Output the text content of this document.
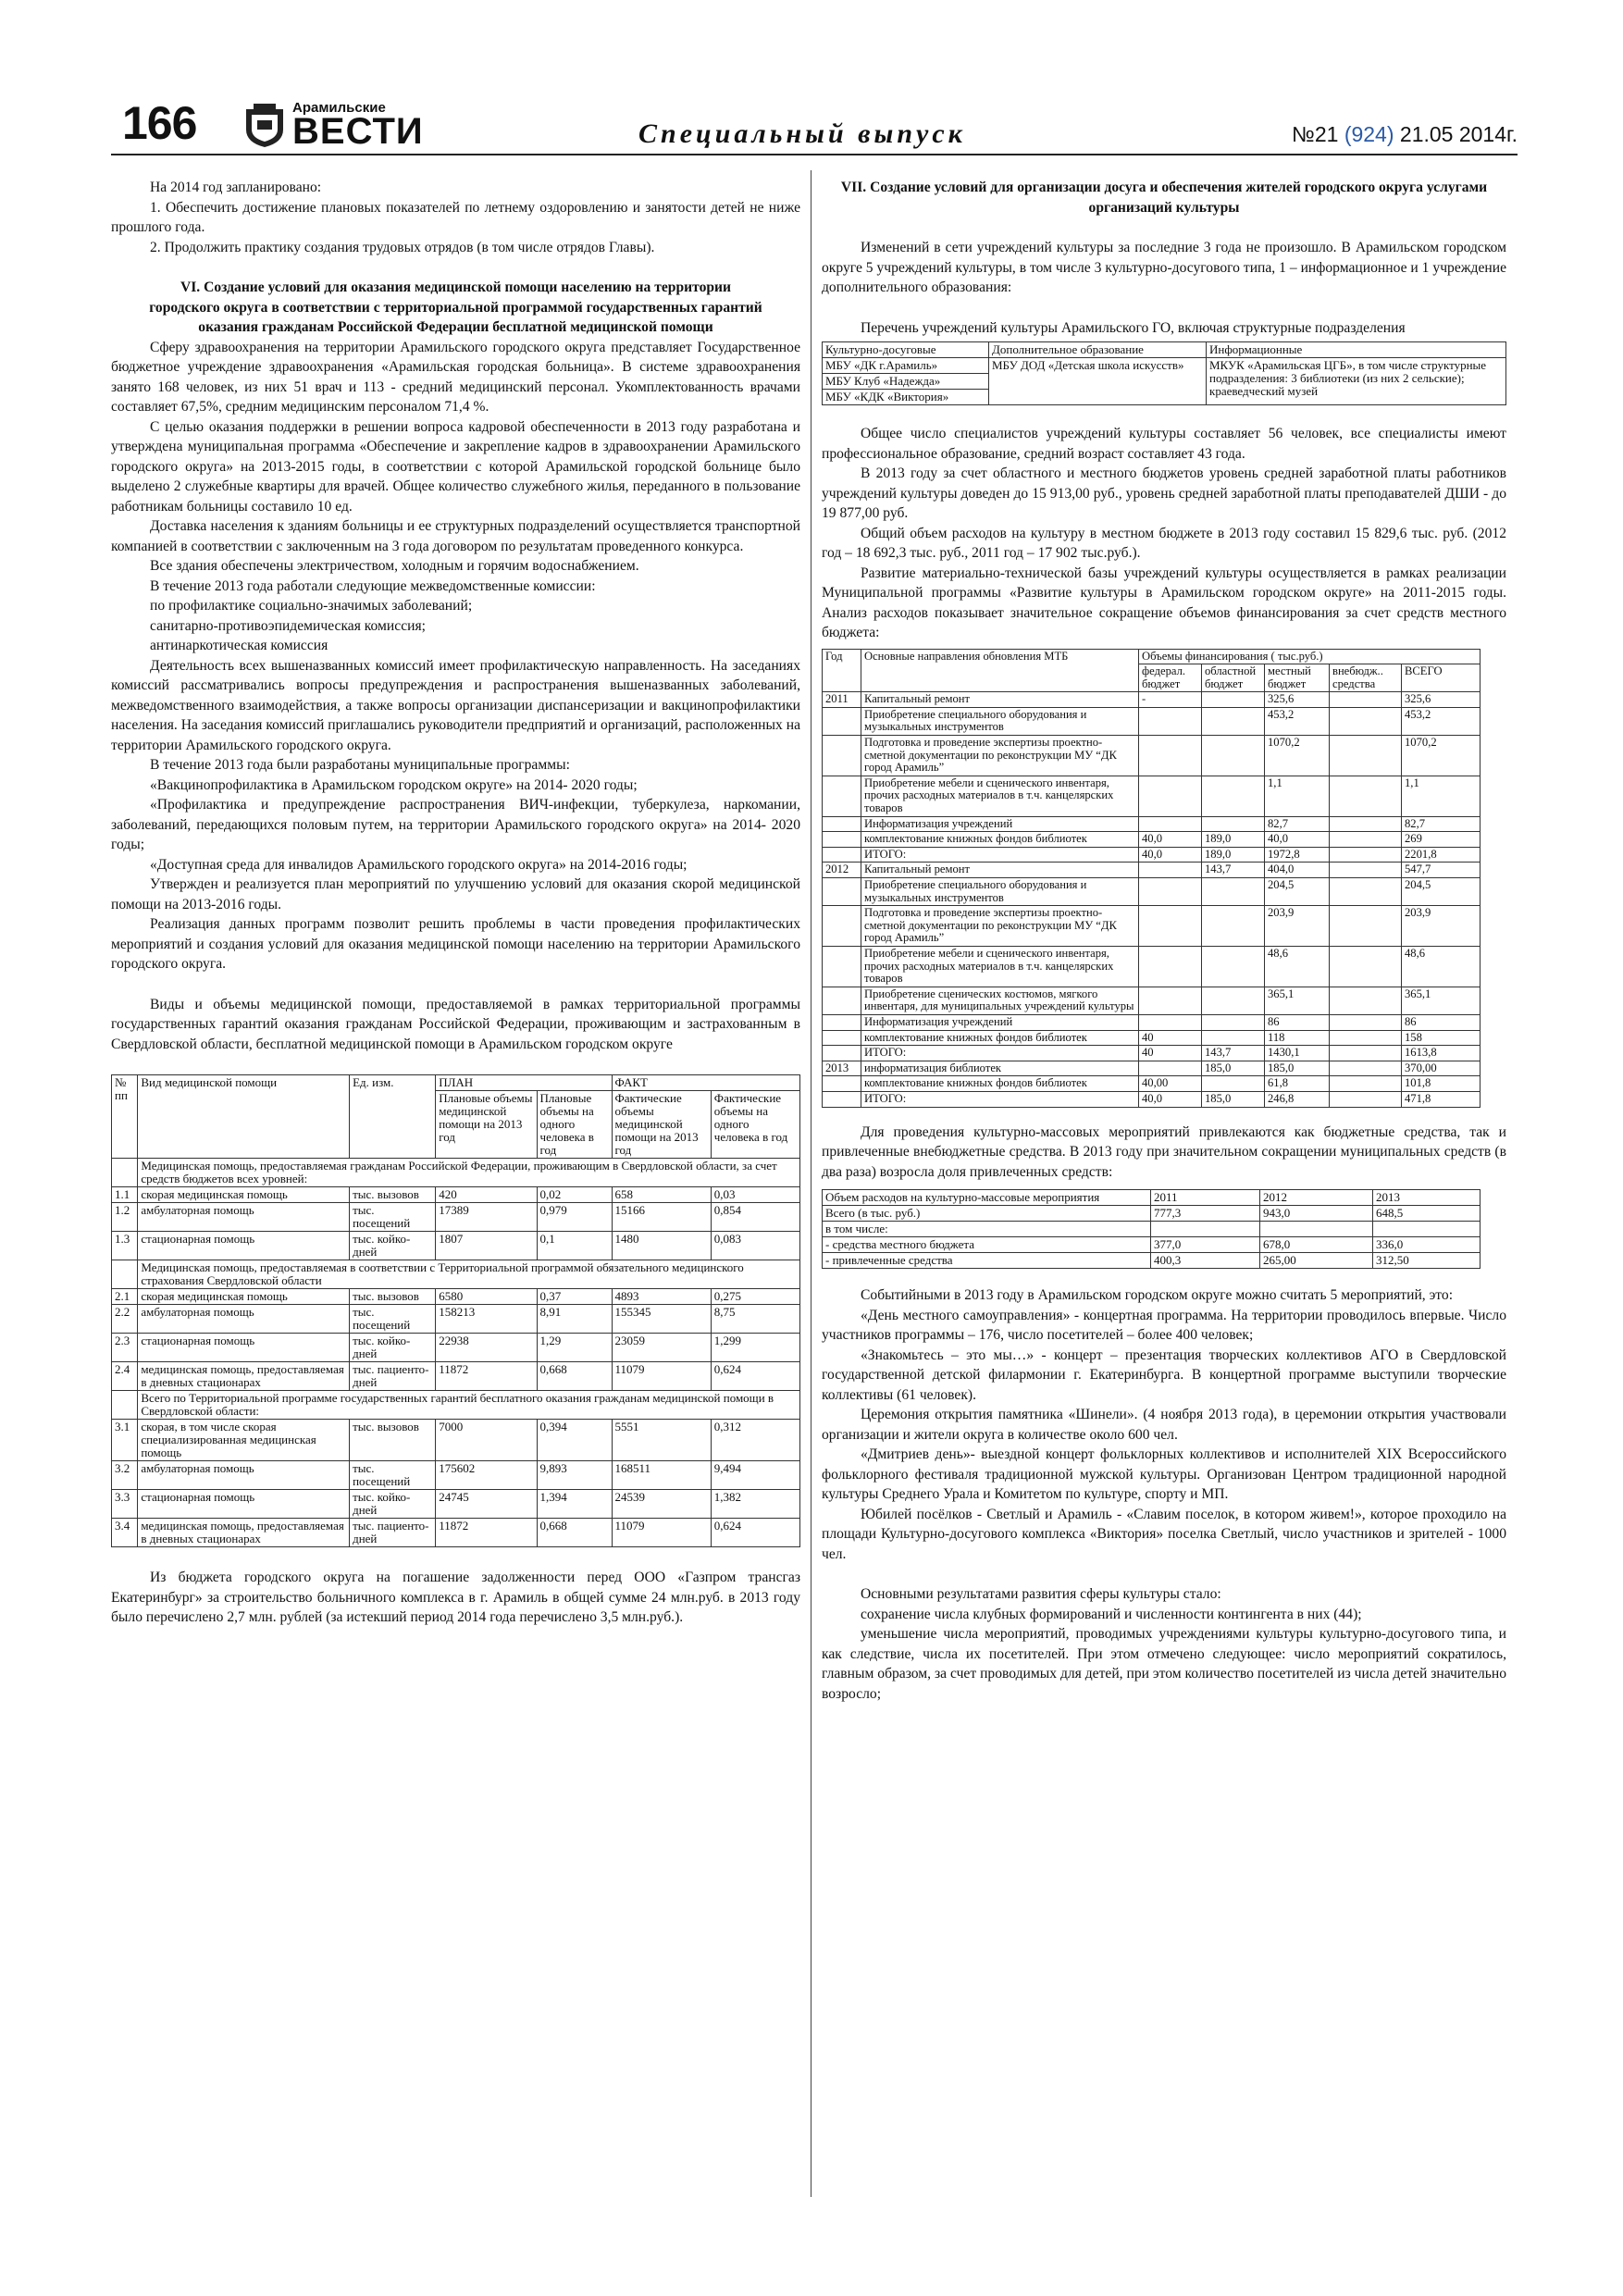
166	Арамильские
ВЕСТИ	Специальный выпуск	№21 (924) 21.05 2014г.

На 2014 год запланировано:

1. Обеспечить достижение плановых показателей по летнему оздоровлению и занятости детей не ниже прошлого года.

2. Продолжить практику создания трудовых отрядов (в том числе отрядов Главы).

VI. Создание условий для оказания медицинской помощи населению на территории городского округа в соответствии с территориальной программой государственных гарантий оказания гражданам Российской Федерации бесплатной медицинской помощи

Сферу здравоохранения на территории Арамильского городского округа представляет Государственное бюджетное учреждение здравоохранения «Арамильская городская больница». В системе здравоохранения занято 168 человек, из них 51 врач и 113 - средний медицинский персонал. Укомплектованность врачами составляет 67,5%, средним медицинским персоналом 71,4 %.

С целью оказания поддержки в решении вопроса кадровой обеспеченности в 2013 году разработана и утверждена муниципальная программа «Обеспечение и закрепление кадров в здравоохранении Арамильского городского округа» на 2013-2015 годы, в соответствии с которой Арамильской городской больнице было выделено 2 служебные квартиры для врачей. Общее количество служебного жилья, переданного в пользование работникам больницы составило 10 ед.

Доставка населения к зданиям больницы и ее структурных подразделений осуществляется транспортной компанией в соответствии с заключенным на 3 года договором по результатам проведенного конкурса.

Все здания обеспечены электричеством, холодным и горячим водоснабжением.

В течение 2013 года работали следующие межведомственные комиссии:

по профилактике социально-значимых заболеваний;

санитарно-противоэпидемическая комиссия;

антинаркотическая комиссия

Деятельность всех вышеназванных комиссий имеет профилактическую направленность. На заседаниях комиссий рассматривались вопросы предупреждения и распространения вышеназванных заболеваний, межведомственного взаимодействия, а также вопросы организации диспансеризации и вакцинопрофилактики населения. На заседания комиссий приглашались руководители предприятий и организаций, расположенных на территории Арамильского городского округа.

В течение 2013 года были разработаны муниципальные программы:

«Вакцинопрофилактика в Арамильском городском округе» на 2014- 2020 годы;

«Профилактика и предупреждение распространения ВИЧ-инфекции, туберкулеза, наркомании, заболеваний, передающихся половым путем, на территории Арамильского городского округа» на 2014- 2020 годы;

«Доступная среда для инвалидов Арамильского городского округа» на 2014-2016 годы;

Утвержден и реализуется план мероприятий по улучшению условий для оказания скорой медицинской помощи на 2013-2016 годы.

Реализация данных программ позволит решить проблемы в части проведения профилактических мероприятий и создания условий для оказания медицинской помощи населению на территории Арамильского городского округа.

Виды и объемы медицинской помощи, предоставляемой в рамках территориальной программы государственных гарантий оказания гражданам Российской Федерации, проживающим и застрахованным в Свердловской области, бесплатной медицинской помощи в Арамильском городском округе

№ пп	Вид медицинской помощи	Ед. изм.	ПЛАН		ФАКТ	
			Плановые объемы медицинской помощи на 2013 год	Плановые объемы на одного человека в год	Фактические объемы медицинской помощи на 2013 год	Фактические объемы на одного человека в год
	Медицинская помощь, предоставляемая гражданам Российской Федерации, проживающим в Свердловской области, за счет средств бюджетов всех уровней:					
1.1	скорая медицинская помощь	тыс. вызовов	420	0,02	658	0,03
1.2	амбулаторная помощь	тыс. посещений	17389	0,979	15166	0,854
1.3	стационарная помощь	тыс. койко-дней	1807	0,1	1480	0,083
	Медицинская помощь, предоставляемая в соответствии с Территориальной программой обязательного медицинского страхования Свердловской области					
2.1	скорая медицинская помощь	тыс. вызовов	6580	0,37	4893	0,275
2.2	амбулаторная помощь	тыс. посещений	158213	8,91	155345	8,75
2.3	стационарная помощь	тыс. койко-дней	22938	1,29	23059	1,299
2.4	медицинская помощь, предоставляемая в дневных стационарах	тыс. пациенто-дней	11872	0,668	11079	0,624
	Всего по Территориальной программе государственных гарантий бесплатного оказания гражданам медицинской помощи в Свердловской области:					
3.1	скорая, в том числе скорая специализированная медицинская помощь	тыс. вызовов	7000	0,394	5551	0,312
3.2	амбулаторная помощь	тыс. посещений	175602	9,893	168511	9,494
3.3	стационарная помощь	тыс. койко-дней	24745	1,394	24539	1,382
3.4	медицинская помощь, предоставляемая в дневных стационарах	тыс. пациенто-дней	11872	0,668	11079	0,624

Из бюджета городского округа на погашение задолженности перед ООО «Газпром трансгаз Екатеринбург» за строительство больничного комплекса в г. Арамиль в общей сумме 24 млн.руб. в 2013 году было перечислено 2,7 млн. рублей (за истекший период 2014 года перечислено 3,5 млн.руб.).

VII. Создание условий для организации досуга и обеспечения жителей городского округа услугами организаций культуры

Изменений в сети учреждений культуры за последние 3 года не произошло. В Арамильском городском округе 5 учреждений культуры, в том числе 3 культурно-досугового типа, 1 – информационное и 1 учреждение дополнительного образования:

Перечень учреждений культуры Арамильского ГО, включая структурные подразделения

Культурно-досуговые	Дополнительное образование	Информационные
МБУ «ДК г.Арамиль»	МБУ ДОД «Детская школа искусств»	МКУК «Арамильская ЦГБ», в том числе структурные подразделения: 3 библиотеки (из них 2 сельские); краеведческий музей
МБУ Клуб «Надежда»		
МБУ «КДК «Виктория»		

Общее число специалистов учреждений культуры составляет 56 человек, все специалисты имеют профессиональное образование, средний возраст составляет 43 года.

В 2013 году за счет областного и местного бюджетов уровень средней заработной платы работников учреждений культуры доведен до 15 913,00 руб., уровень средней заработной платы преподавателей ДШИ - до 19 877,00 руб.

Общий объем расходов на культуру в местном бюджете в 2013 году составил 15 829,6 тыс. руб. (2012 год – 18 692,3 тыс. руб., 2011 год – 17 902 тыс.руб.).

Развитие материально-технической базы учреждений культуры осуществляется в рамках реализации Муниципальной программы «Развитие культуры в Арамильском городском округе» на 2011-2015 годы. Анализ расходов показывает значительное сокращение объемов финансирования за счет средств местного бюджета:

Год	Основные направления обновления МТБ	Объемы финансирования ( тыс.руб.)				
		федерал. бюджет	областной бюджет	местный бюджет	внебюдж.. средства	ВСЕГО
2011	Капитальный ремонт	-		325,6		325,6
	Приобретение специального оборудования и музыкальных инструментов			453,2		453,2
	Подготовка и проведение экспертизы проектно-сметной документации по реконструкции МУ “ДК город Арамиль”			1070,2		1070,2
	Приобретение мебели и сценического инвентаря, прочих расходных материалов в т.ч. канцелярских товаров			1,1		1,1
	Информатизация учреждений			82,7		82,7
	комплектование книжных фондов библиотек	40,0	189,0	40,0		269
	ИТОГО:	40,0	189,0	1972,8		2201,8
2012	Капитальный ремонт		143,7	404,0		547,7
	Приобретение специального оборудования и музыкальных инструментов			204,5		204,5
	Подготовка и проведение экспертизы проектно-сметной документации по реконструкции МУ “ДК город Арамиль”			203,9		203,9
	Приобретение мебели и сценического инвентаря, прочих расходных материалов в т.ч. канцелярских товаров			48,6		48,6
	Приобретение сценических костюмов, мягкого инвентаря, для муниципальных учреждений культуры			365,1		365,1
	Информатизация учреждений			86		86
	комплектование книжных фондов библиотек	40		118		158
	ИТОГО:	40	143,7	1430,1		1613,8
2013	информатизация библиотек		185,0	185,0		370,00
	комплектование книжных фондов библиотек	40,00		61,8		101,8
	ИТОГО:	40,0	185,0	246,8		471,8

Для проведения культурно-массовых мероприятий привлекаются как бюджетные средства, так и привлеченные внебюджетные средства. В 2013 году при значительном сокращении муниципальных средств (в два раза) возросла доля привлеченных средств:

Объем расходов на культурно-массовые мероприятия	2011	2012	2013
Всего (в тыс. руб.)	777,3	943,0	648,5
в том числе:			
- средства местного бюджета	377,0	678,0	336,0
- привлеченные средства	400,3	265,00	312,50

Событийными в 2013 году в Арамильском городском округе можно считать 5 мероприятий, это:

«День местного самоуправления» - концертная программа. На территории проводилось впервые. Число участников программы – 176, число посетителей – более 400 человек;

«Знакомьтесь – это мы…» - концерт – презентация творческих коллективов АГО в Свердловской государственной детской филармонии г. Екатеринбурга. В концертной программе выступили творческие коллективы (61 человек).

Церемония открытия памятника «Шинели». (4 ноября 2013 года), в церемонии открытия участвовали организации и жители округа в количестве около 600 чел.

«Дмитриев день»- выездной концерт фольклорных коллективов и исполнителей XIX Всероссийского фольклорного фестиваля традиционной мужской культуры. Организован Центром традиционной народной культуры Среднего Урала и Комитетом по культуре, спорту и МП.

Юбилей посёлков - Светлый и Арамиль - «Славим поселок, в котором живем!», которое проходило на площади Культурно-досугового комплекса «Виктория» поселка Светлый, число участников и зрителей - 1000 чел.

Основными результатами развития сферы культуры стало:

сохранение числа клубных формирований и численности контингента в них (44);

уменьшение числа мероприятий, проводимых учреждениями культуры культурно-досугового типа, и как следствие, числа их посетителей. При этом отмечено следующее: число мероприятий сократилось, главным образом, за счет проводимых для детей, при этом количество посетителей из числа детей значительно возросло;
